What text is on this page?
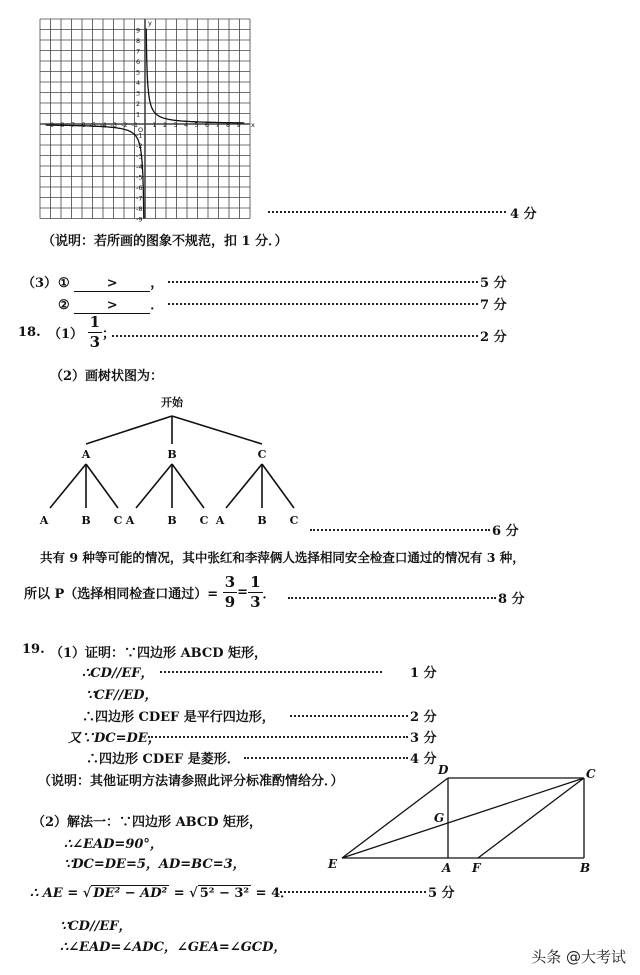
-9 -8 -7 -6 -5 -4 -3 -2 -1 1 2 3 4 5 6 7 8 9
1
2
3
4
5
6
7
8
9
-1
-2
-3
-4
-5
-6
-7
-8
-9
x
y
O
4 分
（说明：若所画的图象不规范，扣 1 分．）
（3） ①	>	，	5 分
②	>	．	7 分
18. $(1) \frac{1}{3}$ ；	2 分
（2）画树状图为：
开始
A
A	B C
B
A	B C
C
A	B C
6 分
共有 9 种等可能的情况，其中张红和李萍俩人选择相同安全检查口通过的情况有 3 种，
所以 P（选择相同检查口通过）= $\frac{3}{9} = \frac{1}{3}$ ．	8 分
19. （1）证明：∵四边形 ABCD 矩形，
∴CD//EF，	1 分
∵CF//ED，
∴四边形 CDEF 是平行四边形，	2 分
又∵DC=DE，	3 分
∴四边形 CDEF 是菱形．	4 分
（说明：其他证明方法请参照此评分标准酌情给分．）
（2）解法一：∵四边形 ABCD 矩形，
∴∠EAD=90°，
∵DC=DE=5，AD=BC=3，
∴ AE = √ DE² − AD² = √ 5² − 3² = 4．	5 分
∵CD//EF，
∴∠EAD=∠ADC，∠GEA=∠GCD，
D	C
G
E	A F	B
头条 @大考试
